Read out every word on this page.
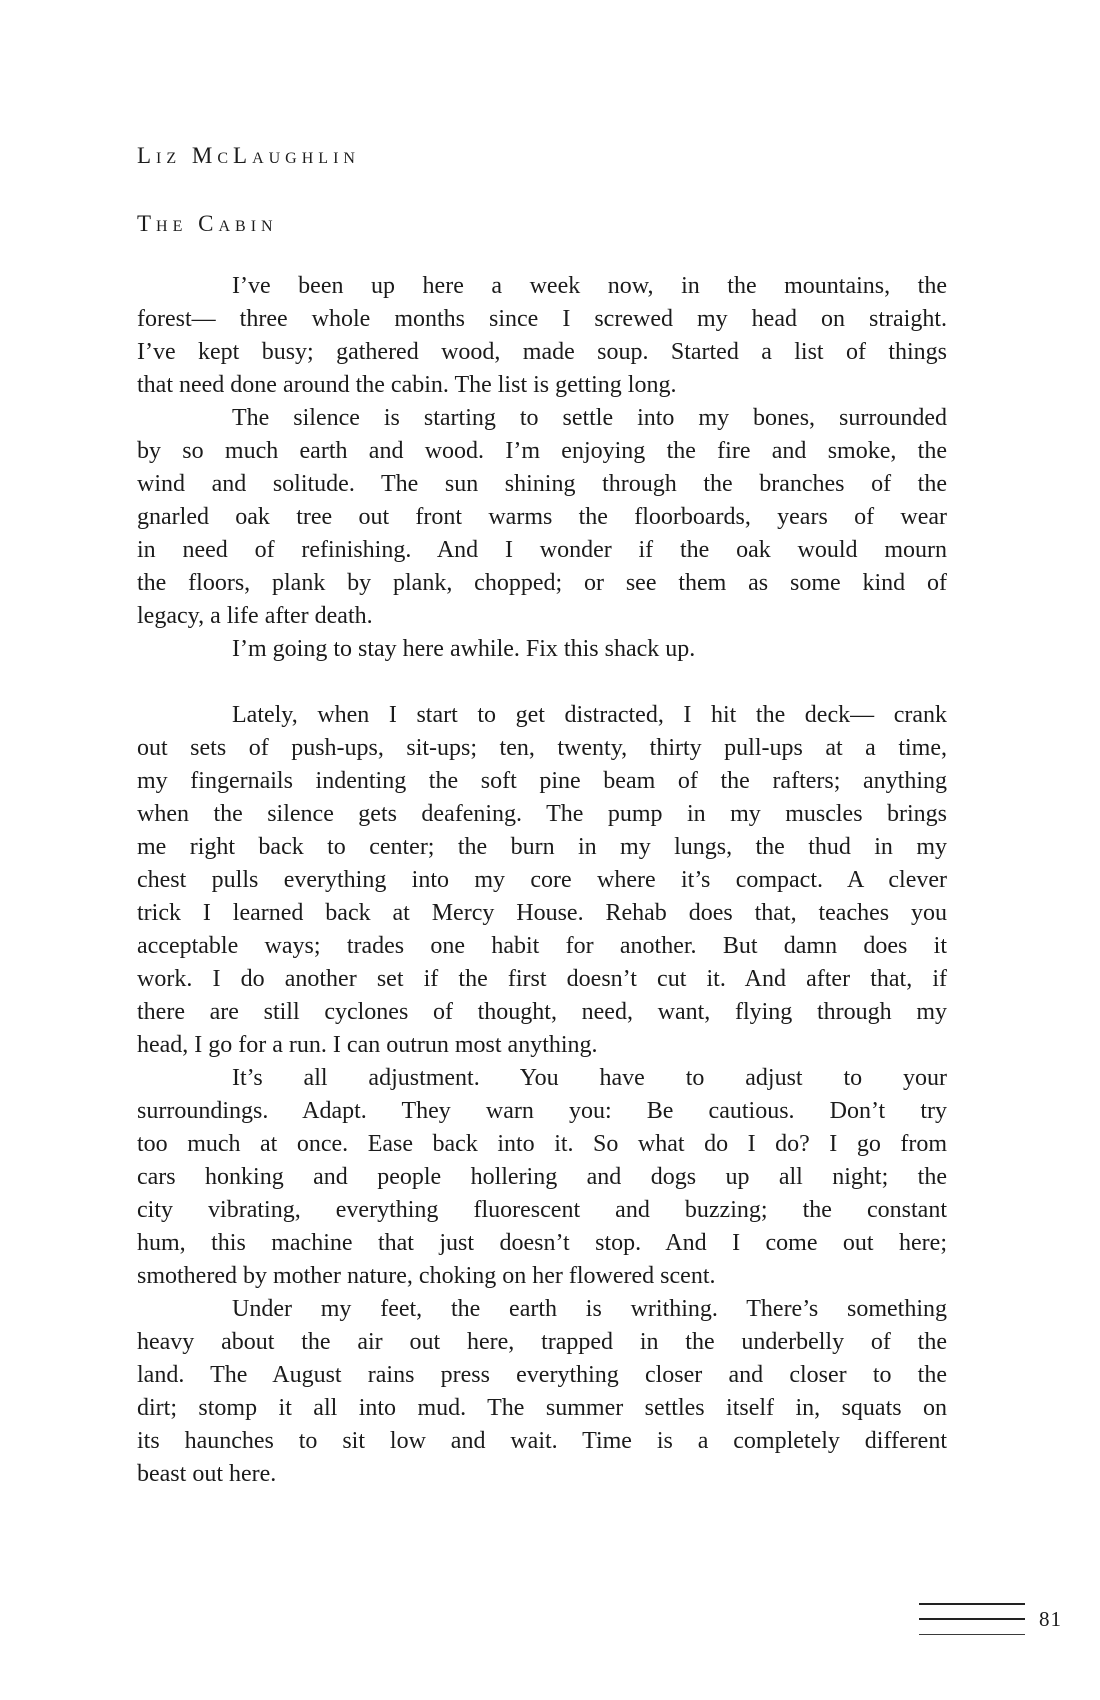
Liz McLaughlin
The Cabin
I’ve been up here a week now, in the mountains, the
forest— three whole months since I screwed my head on straight.
I’ve kept busy; gathered wood, made soup. Started a list of things
that need done around the cabin. The list is getting long.
The silence is starting to settle into my bones, surrounded
by so much earth and wood. I’m enjoying the fire and smoke, the
wind and solitude. The sun shining through the branches of the
gnarled oak tree out front warms the floorboards, years of wear
in need of refinishing. And I wonder if the oak would mourn
the floors, plank by plank, chopped; or see them as some kind of
legacy, a life after death.
I’m going to stay here awhile. Fix this shack up.
Lately, when I start to get distracted, I hit the deck— crank
out sets of push-ups, sit-ups; ten, twenty, thirty pull-ups at a time,
my fingernails indenting the soft pine beam of the rafters; anything
when the silence gets deafening. The pump in my muscles brings
me right back to center; the burn in my lungs, the thud in my
chest pulls everything into my core where it’s compact. A clever
trick I learned back at Mercy House. Rehab does that, teaches you
acceptable ways; trades one habit for another. But damn does it
work. I do another set if the first doesn’t cut it. And after that, if
there are still cyclones of thought, need, want, flying through my
head, I go for a run. I can outrun most anything.
It’s all adjustment. You have to adjust to your
surroundings. Adapt. They warn you: Be cautious. Don’t try
too much at once. Ease back into it. So what do I do? I go from
cars honking and people hollering and dogs up all night; the
city vibrating, everything fluorescent and buzzing; the constant
hum, this machine that just doesn’t stop. And I come out here;
smothered by mother nature, choking on her flowered scent.
Under my feet, the earth is writhing. There’s something
heavy about the air out here, trapped in the underbelly of the
land. The August rains press everything closer and closer to the
dirt; stomp it all into mud. The summer settles itself in, squats on
its haunches to sit low and wait. Time is a completely different
beast out here.
81
